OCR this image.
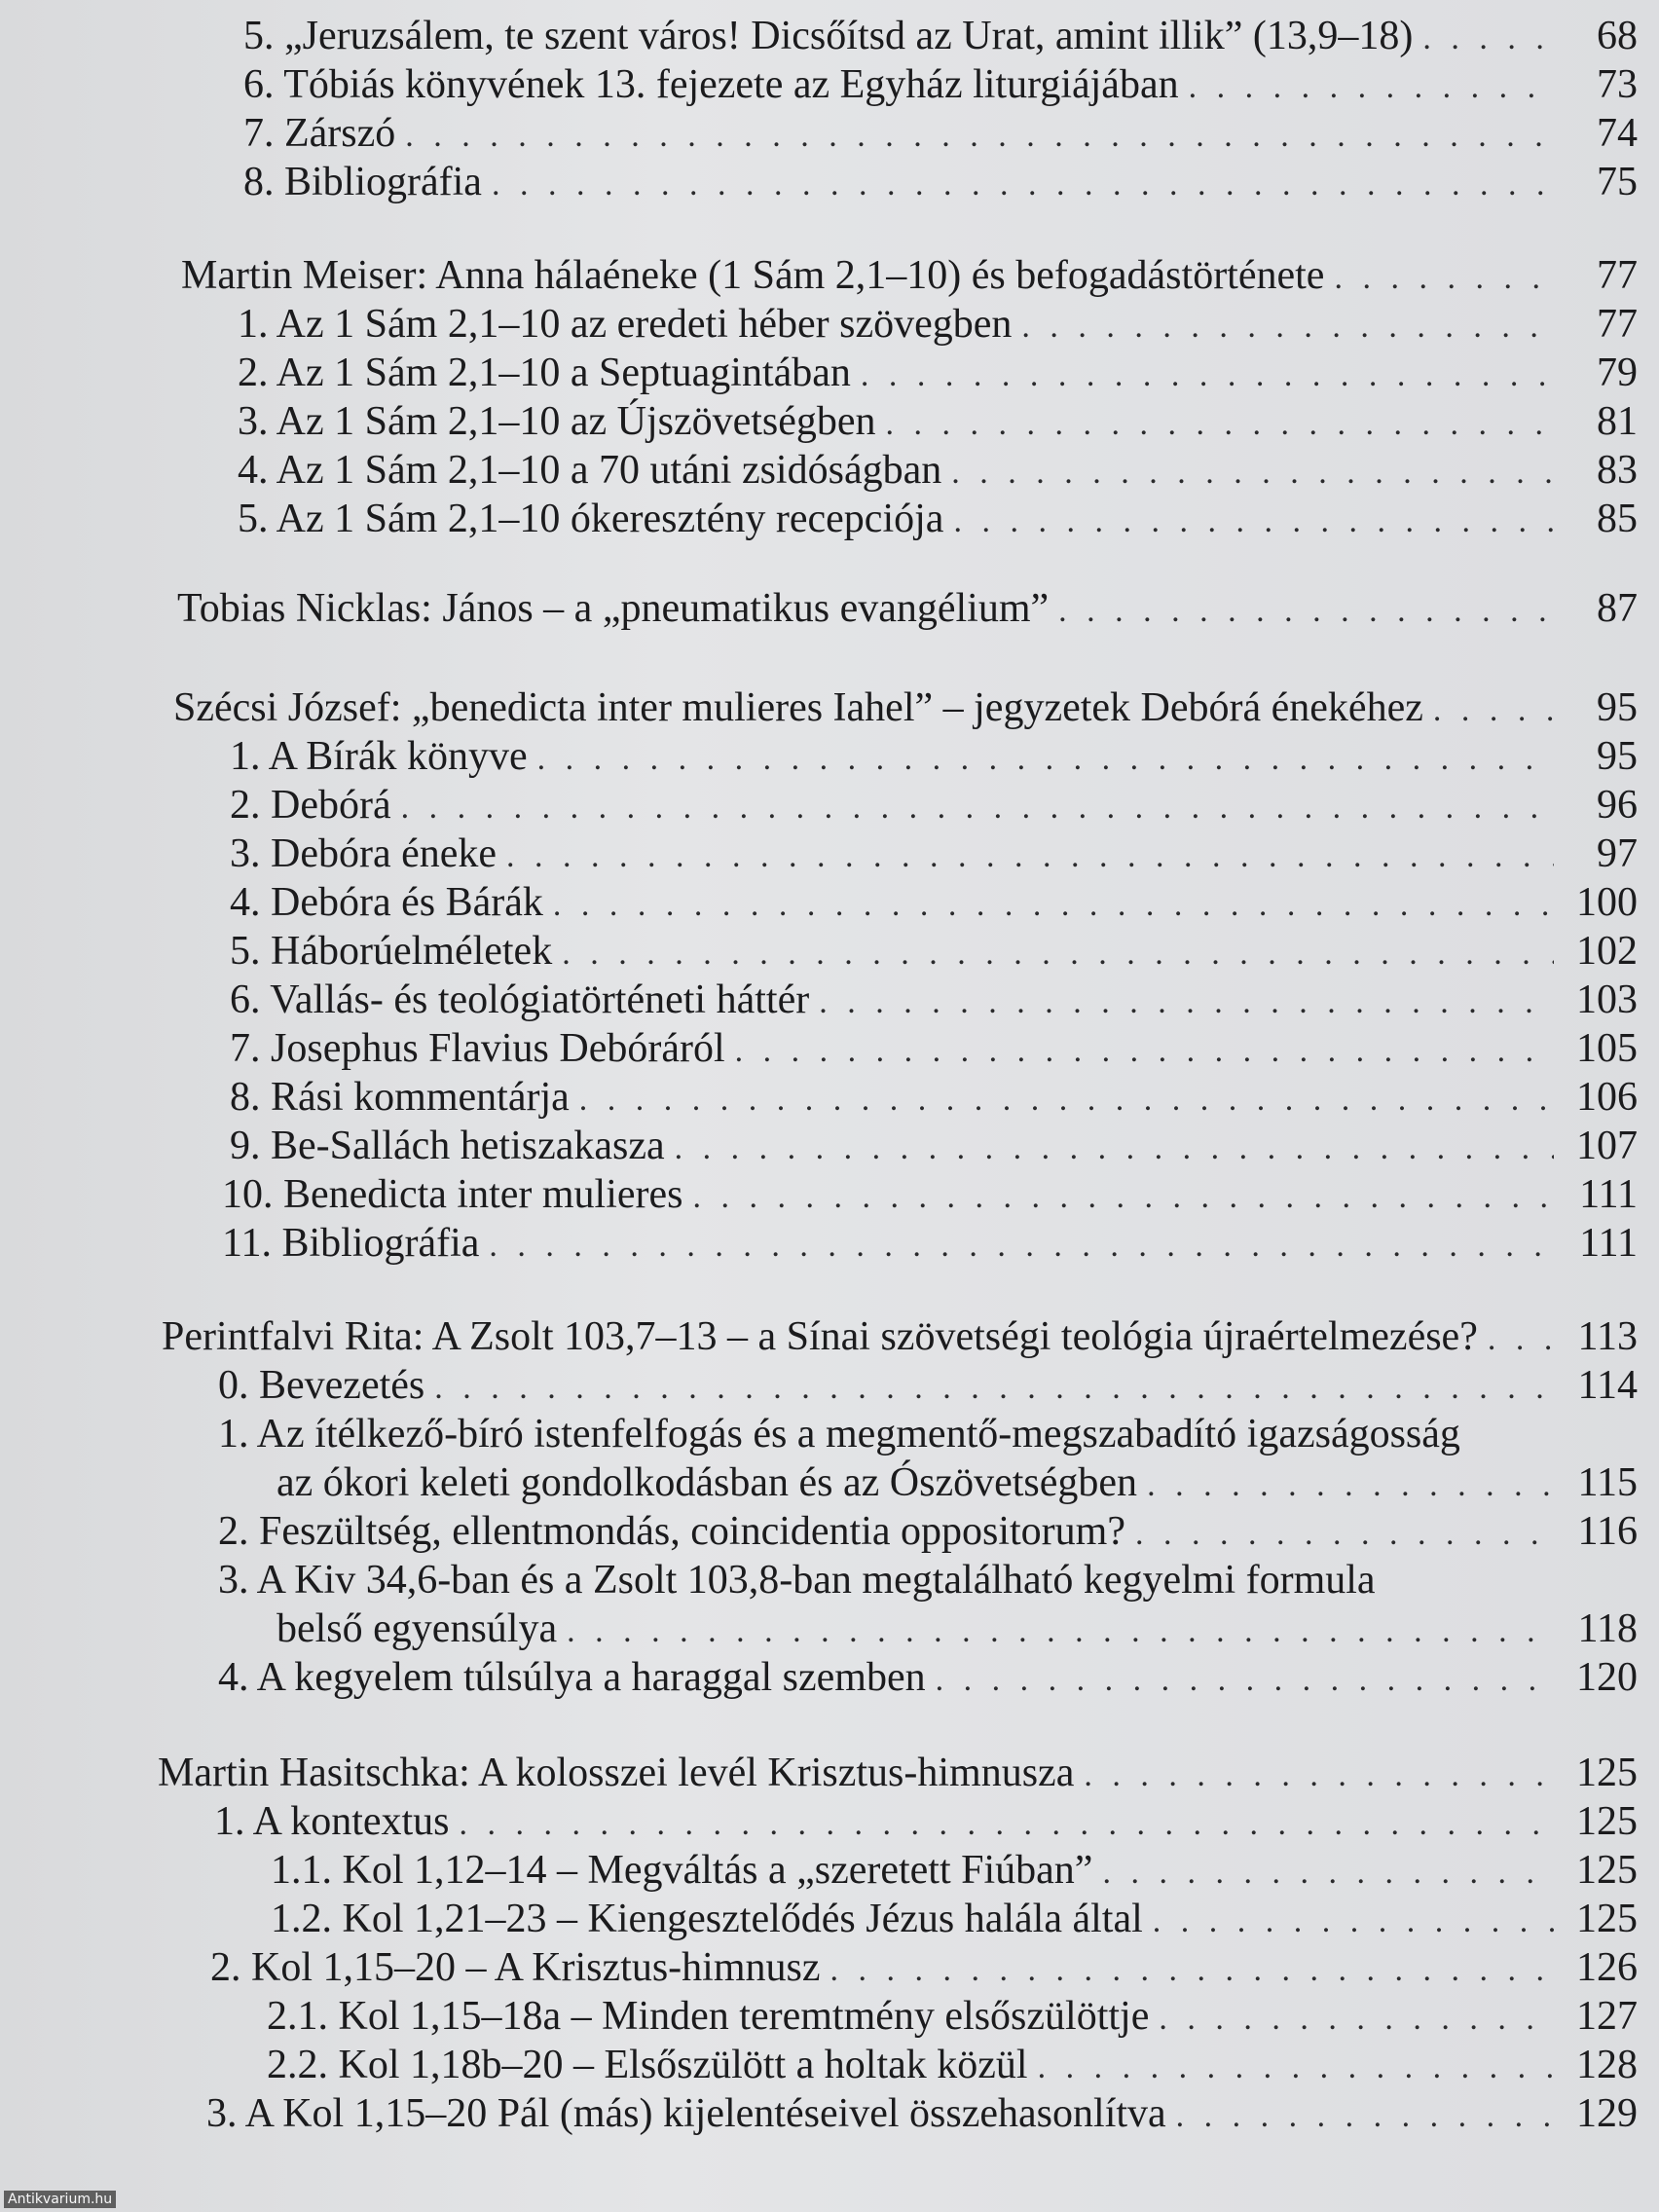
5. „Jeruzsálem, te szent város! Dicsőítsd az Urat, amint illik” (13,9–18) . . .	68
6. Tóbiás könyvének 13. fejezete az Egyház liturgiájában . . .	73
7. Zárszó . . .	74
8. Bibliográfia . . .	75
Martin Meiser: Anna hálaéneke (1 Sám 2,1–10) és befogadástörténete . . .	77
1. Az 1 Sám 2,1–10 az eredeti héber szövegben . . .	77
2. Az 1 Sám 2,1–10 a Septuagintában . . .	79
3. Az 1 Sám 2,1–10 az Újszövetségben . . .	81
4. Az 1 Sám 2,1–10 a 70 utáni zsidóságban . . .	83
5. Az 1 Sám 2,1–10 ókeresztény recepciója . . .	85
Tobias Nicklas: János – a „pneumatikus evangélium” . . .	87
Szécsi József: „benedicta inter mulieres Iahel” – jegyzetek Debórá énekéhez . . .	95
1. A Bírák könyve . . .	95
2. Debórá . . .	96
3. Debóra éneke . . .	97
4. Debóra és Bárák . . .	100
5. Háborúelméletek . . .	102
6. Vallás- és teológiatörténeti háttér . . .	103
7. Josephus Flavius Debóráról . . .	105
8. Rási kommentárja . . .	106
9. Be-Sallách hetiszakasza . . .	107
10. Benedicta inter mulieres . . .	111
11. Bibliográfia . . .	111
Perintfalvi Rita: A Zsolt 103,7–13 – a Sínai szövetségi teológia újraértelmezése? . . .	113
0. Bevezetés . . .	114
1. Az ítélkező-bíró istenfelfogás és a megmentő-megszabadító igazságosság
az ókori keleti gondolkodásban és az Ószövetségben . . .	115
2. Feszültség, ellentmondás, coincidentia oppositorum? . . .	116
3. A Kiv 34,6-ban és a Zsolt 103,8-ban megtalálható kegyelmi formula
belső egyensúlya . . .	118
4. A kegyelem túlsúlya a haraggal szemben . . .	120
Martin Hasitschka: A kolosszei levél Krisztus-himnusza . . .	125
1. A kontextus . . .	125
1.1. Kol 1,12–14 – Megváltás a „szeretett Fiúban” . . .	125
1.2. Kol 1,21–23 – Kiengesztelődés Jézus halála által . . .	125
2. Kol 1,15–20 – A Krisztus-himnusz . . .	126
2.1. Kol 1,15–18a – Minden teremtmény elsőszülöttje . . .	127
2.2. Kol 1,18b–20 – Elsőszülött a holtak közül . . .	128
3. A Kol 1,15–20 Pál (más) kijelentéseivel összehasonlítva . . .	129
Antikvarium.hu
